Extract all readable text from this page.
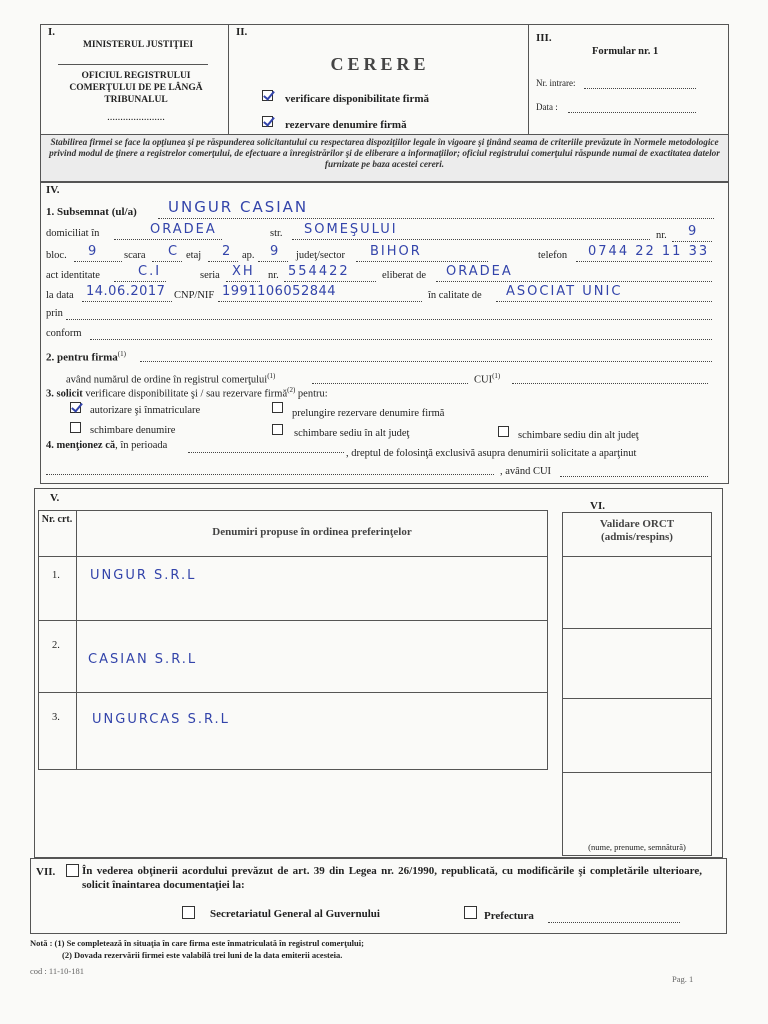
I.
MINISTERUL JUSTIŢIEI
OFICIUL REGISTRULUI COMERŢULUI DE PE LÂNGĂ TRIBUNALUL
......................
II.
CERERE
verificare disponibilitate firmă
rezervare denumire firmă
III.
Formular nr. 1
Nr. intrare:
Data :
Stabilirea firmei se face la opţiunea şi pe răspunderea solicitantului cu respectarea dispoziţiilor legale în vigoare şi ţinând seama de criteriile prevăzute în Normele metodologice privind modul de ţinere a registrelor comerţului, de efectuare a înregistrărilor şi de eliberare a informaţiilor; oficiul registrului comerţului răspunde numai de exactitatea datelor furnizate pe baza acestei cereri.
IV.
1. Subsemnat (ul/a) UNGUR CASIAN
domiciliat în	ORADEA	str. SOMEŞULUI	nr. 9
bloc. 9 scara C etaj 2 ap. 9 judeţ/sector BIHOR	telefon 0744 22 11 33
act identitate	C.I	seria XH nr. 554422	eliberat de ORADEA
la data 14.06.2017 CNP/NIF 1991106052844	în calitate de ASOCIAT UNIC
prin
conform
2. pentru firma$^{(1)}$
având numărul de ordine în registrul comerţului$^{(1)}$	CUI$^{(1)}$
3. solicit verificare disponibilitate şi / sau rezervare firmă$^{(2)}$ pentru:
autorizare şi înmatriculare	prelungire rezervare denumire firmă
schimbare denumire	schimbare sediu în alt judeţ	schimbare sediu din alt judeţ
4. menţionez că, în perioada
, dreptul de folosinţă exclusivă asupra denumirii solicitate a aparţinut
, având CUI
V.
VI.
Nr. crt.
Denumiri propuse în ordinea preferinţelor
1. UNGUR S.R.L
2.
CASIAN S.R.L
3. UNGURCAS S.R.L
Validare ORCT (admis/respins)
(nume, prenume, semnătură)
VII. În vederea obţinerii acordului prevăzut de art. 39 din Legea nr. 26/1990, republicată, cu modificările şi completările ulterioare, solicit înaintarea documentaţiei la:
Secretariatul General al Guvernului	Prefectura
Notă : (1) Se completează în situaţia în care firma este înmatriculată în registrul comerţului;
(2) Dovada rezervării firmei este valabilă trei luni de la data emiterii acesteia.
cod : 11-10-181
Pag. 1
